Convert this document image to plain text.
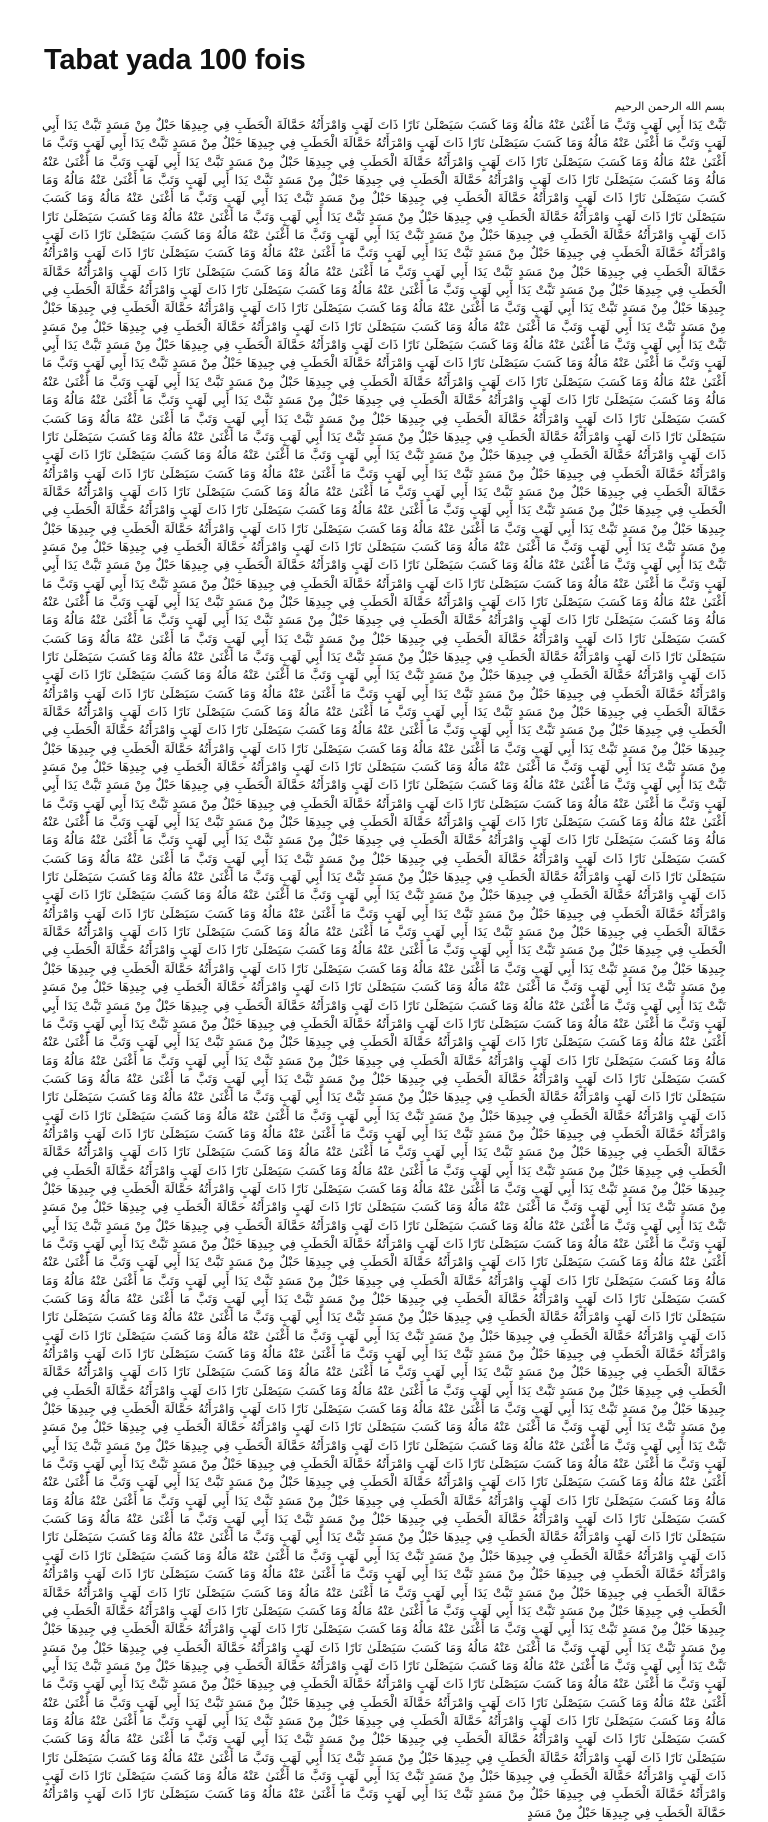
Tabat yada 100 fois
بسم الله الرحمن الرحيم
تَبَّتْ يَدَا أَبِي لَهَبٍ وَتَبَّ مَا أَغْنَىٰ عَنْهُ مَالُهُ وَمَا كَسَبَ سَيَصْلَىٰ نَارًا ذَاتَ لَهَبٍ وَامْرَأَتُهُ حَمَّالَةَ الْحَطَبِ فِي جِيدِهَا حَبْلٌ مِنْ مَسَدٍ تَبَّتْ يَدَا أَبِي لَهَبٍ وَتَبَّ مَا أَغْنَىٰ عَنْهُ مَالُهُ وَمَا كَسَبَ سَيَصْلَىٰ نَارًا ذَاتَ لَهَبٍ وَامْرَأَتُهُ حَمَّالَةَ الْحَطَبِ فِي جِيدِهَا حَبْلٌ مِنْ مَسَدٍ تَبَّتْ يَدَا أَبِي لَهَبٍ وَتَبَّ مَا أَغْنَىٰ عَنْهُ مَالُهُ وَمَا كَسَبَ سَيَصْلَىٰ نَارًا ذَاتَ لَهَبٍ وَامْرَأَتُهُ حَمَّالَةَ الْحَطَبِ فِي جِيدِهَا حَبْلٌ مِنْ مَسَدٍ تَبَّتْ يَدَا أَبِي لَهَبٍ وَتَبَّ مَا أَغْنَىٰ عَنْهُ مَالُهُ وَمَا كَسَبَ سَيَصْلَىٰ نَارًا ذَاتَ لَهَبٍ وَامْرَأَتُهُ حَمَّالَةَ الْحَطَبِ فِي جِيدِهَا حَبْلٌ مِنْ مَسَدٍ تَبَّتْ يَدَا أَبِي لَهَبٍ وَتَبَّ مَا أَغْنَىٰ عَنْهُ مَالُهُ وَمَا كَسَبَ سَيَصْلَىٰ نَارًا ذَاتَ لَهَبٍ وَامْرَأَتُهُ حَمَّالَةَ الْحَطَبِ فِي جِيدِهَا حَبْلٌ مِنْ مَسَدٍ تَبَّتْ يَدَا أَبِي لَهَبٍ وَتَبَّ مَا أَغْنَىٰ عَنْهُ مَالُهُ وَمَا كَسَبَ سَيَصْلَىٰ نَارًا ذَاتَ لَهَبٍ وَامْرَأَتُهُ حَمَّالَةَ الْحَطَبِ فِي جِيدِهَا حَبْلٌ مِنْ مَسَدٍ تَبَّتْ يَدَا أَبِي لَهَبٍ وَتَبَّ مَا أَغْنَىٰ عَنْهُ مَالُهُ وَمَا كَسَبَ سَيَصْلَىٰ نَارًا ذَاتَ لَهَبٍ وَامْرَأَتُهُ حَمَّالَةَ الْحَطَبِ فِي جِيدِهَا حَبْلٌ مِنْ مَسَدٍ تَبَّتْ يَدَا أَبِي لَهَبٍ وَتَبَّ مَا أَغْنَىٰ عَنْهُ مَالُهُ وَمَا كَسَبَ سَيَصْلَىٰ نَارًا ذَاتَ لَهَبٍ وَامْرَأَتُهُ حَمَّالَةَ الْحَطَبِ فِي جِيدِهَا حَبْلٌ مِنْ مَسَدٍ تَبَّتْ يَدَا أَبِي لَهَبٍ وَتَبَّ مَا أَغْنَىٰ عَنْهُ مَالُهُ وَمَا كَسَبَ سَيَصْلَىٰ نَارًا ذَاتَ لَهَبٍ وَامْرَأَتُهُ حَمَّالَةَ الْحَطَبِ فِي جِيدِهَا حَبْلٌ مِنْ مَسَدٍ تَبَّتْ يَدَا أَبِي لَهَبٍ وَتَبَّ مَا أَغْنَىٰ عَنْهُ مَالُهُ وَمَا كَسَبَ سَيَصْلَىٰ نَارًا ذَاتَ لَهَبٍ وَامْرَأَتُهُ حَمَّالَةَ الْحَطَبِ فِي جِيدِهَا حَبْلٌ مِنْ مَسَدٍ تَبَّتْ يَدَا أَبِي لَهَبٍ وَتَبَّ مَا أَغْنَىٰ عَنْهُ مَالُهُ وَمَا كَسَبَ سَيَصْلَىٰ نَارًا ذَاتَ لَهَبٍ وَامْرَأَتُهُ حَمَّالَةَ الْحَطَبِ فِي جِيدِهَا حَبْلٌ مِنْ مَسَدٍ تَبَّتْ يَدَا أَبِي لَهَبٍ وَتَبَّ مَا أَغْنَىٰ عَنْهُ مَالُهُ وَمَا كَسَبَ سَيَصْلَىٰ نَارًا ذَاتَ لَهَبٍ وَامْرَأَتُهُ حَمَّالَةَ الْحَطَبِ فِي جِيدِهَا حَبْلٌ مِنْ مَسَدٍ تَبَّتْ يَدَا أَبِي لَهَبٍ وَتَبَّ مَا أَغْنَىٰ عَنْهُ مَالُهُ وَمَا كَسَبَ سَيَصْلَىٰ نَارًا ذَاتَ لَهَبٍ وَامْرَأَتُهُ حَمَّالَةَ الْحَطَبِ فِي جِيدِهَا حَبْلٌ مِنْ مَسَدٍ تَبَّتْ يَدَا أَبِي لَهَبٍ وَتَبَّ مَا أَغْنَىٰ عَنْهُ مَالُهُ وَمَا كَسَبَ سَيَصْلَىٰ نَارًا ذَاتَ لَهَبٍ وَامْرَأَتُهُ حَمَّالَةَ الْحَطَبِ فِي جِيدِهَا حَبْلٌ مِنْ مَسَدٍ تَبَّتْ يَدَا أَبِي لَهَبٍ وَتَبَّ مَا أَغْنَىٰ عَنْهُ مَالُهُ وَمَا كَسَبَ سَيَصْلَىٰ نَارًا ذَاتَ لَهَبٍ وَامْرَأَتُهُ حَمَّالَةَ الْحَطَبِ فِي جِيدِهَا حَبْلٌ مِنْ مَسَدٍ تَبَّتْ يَدَا أَبِي لَهَبٍ وَتَبَّ مَا أَغْنَىٰ عَنْهُ مَالُهُ وَمَا كَسَبَ سَيَصْلَىٰ نَارًا ذَاتَ لَهَبٍ وَامْرَأَتُهُ حَمَّالَةَ الْحَطَبِ فِي جِيدِهَا حَبْلٌ مِنْ مَسَدٍ تَبَّتْ يَدَا أَبِي لَهَبٍ وَتَبَّ مَا أَغْنَىٰ عَنْهُ مَالُهُ وَمَا كَسَبَ سَيَصْلَىٰ نَارًا ذَاتَ لَهَبٍ وَامْرَأَتُهُ حَمَّالَةَ الْحَطَبِ فِي جِيدِهَا حَبْلٌ مِنْ مَسَدٍ تَبَّتْ يَدَا أَبِي لَهَبٍ وَتَبَّ مَا أَغْنَىٰ عَنْهُ مَالُهُ وَمَا كَسَبَ سَيَصْلَىٰ نَارًا ذَاتَ لَهَبٍ وَامْرَأَتُهُ حَمَّالَةَ الْحَطَبِ فِي جِيدِهَا حَبْلٌ مِنْ مَسَدٍ تَبَّتْ يَدَا أَبِي لَهَبٍ وَتَبَّ مَا أَغْنَىٰ عَنْهُ مَالُهُ وَمَا كَسَبَ سَيَصْلَىٰ نَارًا ذَاتَ لَهَبٍ وَامْرَأَتُهُ حَمَّالَةَ الْحَطَبِ فِي جِيدِهَا حَبْلٌ مِنْ مَسَدٍ تَبَّتْ يَدَا أَبِي لَهَبٍ وَتَبَّ مَا أَغْنَىٰ عَنْهُ مَالُهُ وَمَا كَسَبَ سَيَصْلَىٰ نَارًا ذَاتَ لَهَبٍ وَامْرَأَتُهُ حَمَّالَةَ الْحَطَبِ فِي جِيدِهَا حَبْلٌ مِنْ مَسَدٍ تَبَّتْ يَدَا أَبِي لَهَبٍ وَتَبَّ مَا أَغْنَىٰ عَنْهُ مَالُهُ وَمَا كَسَبَ سَيَصْلَىٰ نَارًا ذَاتَ لَهَبٍ وَامْرَأَتُهُ حَمَّالَةَ الْحَطَبِ فِي جِيدِهَا حَبْلٌ مِنْ مَسَدٍ تَبَّتْ يَدَا أَبِي لَهَبٍ وَتَبَّ مَا أَغْنَىٰ عَنْهُ مَالُهُ وَمَا كَسَبَ سَيَصْلَىٰ نَارًا ذَاتَ لَهَبٍ وَامْرَأَتُهُ حَمَّالَةَ الْحَطَبِ فِي جِيدِهَا حَبْلٌ مِنْ مَسَدٍ تَبَّتْ يَدَا أَبِي لَهَبٍ وَتَبَّ مَا أَغْنَىٰ عَنْهُ مَالُهُ وَمَا كَسَبَ سَيَصْلَىٰ نَارًا ذَاتَ لَهَبٍ وَامْرَأَتُهُ حَمَّالَةَ الْحَطَبِ فِي جِيدِهَا حَبْلٌ مِنْ مَسَدٍ تَبَّتْ يَدَا أَبِي لَهَبٍ وَتَبَّ مَا أَغْنَىٰ عَنْهُ مَالُهُ وَمَا كَسَبَ سَيَصْلَىٰ نَارًا ذَاتَ لَهَبٍ وَامْرَأَتُهُ حَمَّالَةَ الْحَطَبِ فِي جِيدِهَا حَبْلٌ مِنْ مَسَدٍ تَبَّتْ يَدَا أَبِي لَهَبٍ وَتَبَّ مَا أَغْنَىٰ عَنْهُ مَالُهُ وَمَا كَسَبَ سَيَصْلَىٰ نَارًا ذَاتَ لَهَبٍ وَامْرَأَتُهُ حَمَّالَةَ الْحَطَبِ فِي جِيدِهَا حَبْلٌ مِنْ مَسَدٍ تَبَّتْ يَدَا أَبِي لَهَبٍ وَتَبَّ مَا أَغْنَىٰ عَنْهُ مَالُهُ وَمَا كَسَبَ سَيَصْلَىٰ نَارًا ذَاتَ لَهَبٍ وَامْرَأَتُهُ حَمَّالَةَ الْحَطَبِ فِي جِيدِهَا حَبْلٌ مِنْ مَسَدٍ تَبَّتْ يَدَا أَبِي لَهَبٍ وَتَبَّ مَا أَغْنَىٰ عَنْهُ مَالُهُ وَمَا كَسَبَ سَيَصْلَىٰ نَارًا ذَاتَ لَهَبٍ وَامْرَأَتُهُ حَمَّالَةَ الْحَطَبِ فِي جِيدِهَا حَبْلٌ مِنْ مَسَدٍ تَبَّتْ يَدَا أَبِي لَهَبٍ وَتَبَّ مَا أَغْنَىٰ عَنْهُ مَالُهُ وَمَا كَسَبَ سَيَصْلَىٰ نَارًا ذَاتَ لَهَبٍ وَامْرَأَتُهُ حَمَّالَةَ الْحَطَبِ فِي جِيدِهَا حَبْلٌ مِنْ مَسَدٍ تَبَّتْ يَدَا أَبِي لَهَبٍ وَتَبَّ مَا أَغْنَىٰ عَنْهُ مَالُهُ وَمَا كَسَبَ سَيَصْلَىٰ نَارًا ذَاتَ لَهَبٍ وَامْرَأَتُهُ حَمَّالَةَ الْحَطَبِ فِي جِيدِهَا حَبْلٌ مِنْ مَسَدٍ تَبَّتْ يَدَا أَبِي لَهَبٍ وَتَبَّ مَا أَغْنَىٰ عَنْهُ مَالُهُ وَمَا كَسَبَ سَيَصْلَىٰ نَارًا ذَاتَ لَهَبٍ وَامْرَأَتُهُ حَمَّالَةَ الْحَطَبِ فِي جِيدِهَا حَبْلٌ مِنْ مَسَدٍ تَبَّتْ يَدَا أَبِي لَهَبٍ وَتَبَّ مَا أَغْنَىٰ عَنْهُ مَالُهُ وَمَا كَسَبَ سَيَصْلَىٰ نَارًا ذَاتَ لَهَبٍ وَامْرَأَتُهُ حَمَّالَةَ الْحَطَبِ فِي جِيدِهَا حَبْلٌ مِنْ مَسَدٍ تَبَّتْ يَدَا أَبِي لَهَبٍ وَتَبَّ مَا أَغْنَىٰ عَنْهُ مَالُهُ وَمَا كَسَبَ سَيَصْلَىٰ نَارًا ذَاتَ لَهَبٍ وَامْرَأَتُهُ حَمَّالَةَ الْحَطَبِ فِي جِيدِهَا حَبْلٌ مِنْ مَسَدٍ تَبَّتْ يَدَا أَبِي لَهَبٍ وَتَبَّ مَا أَغْنَىٰ عَنْهُ مَالُهُ وَمَا كَسَبَ سَيَصْلَىٰ نَارًا ذَاتَ لَهَبٍ وَامْرَأَتُهُ حَمَّالَةَ الْحَطَبِ فِي جِيدِهَا حَبْلٌ مِنْ مَسَدٍ تَبَّتْ يَدَا أَبِي لَهَبٍ وَتَبَّ مَا أَغْنَىٰ عَنْهُ مَالُهُ وَمَا كَسَبَ سَيَصْلَىٰ نَارًا ذَاتَ لَهَبٍ وَامْرَأَتُهُ حَمَّالَةَ الْحَطَبِ فِي جِيدِهَا حَبْلٌ مِنْ مَسَدٍ تَبَّتْ يَدَا أَبِي لَهَبٍ وَتَبَّ مَا أَغْنَىٰ عَنْهُ مَالُهُ وَمَا كَسَبَ سَيَصْلَىٰ نَارًا ذَاتَ لَهَبٍ وَامْرَأَتُهُ حَمَّالَةَ الْحَطَبِ فِي جِيدِهَا حَبْلٌ مِنْ مَسَدٍ تَبَّتْ يَدَا أَبِي لَهَبٍ وَتَبَّ مَا أَغْنَىٰ عَنْهُ مَالُهُ وَمَا كَسَبَ سَيَصْلَىٰ نَارًا ذَاتَ لَهَبٍ وَامْرَأَتُهُ حَمَّالَةَ الْحَطَبِ فِي جِيدِهَا حَبْلٌ مِنْ مَسَدٍ تَبَّتْ يَدَا أَبِي لَهَبٍ وَتَبَّ مَا أَغْنَىٰ عَنْهُ مَالُهُ وَمَا كَسَبَ سَيَصْلَىٰ نَارًا ذَاتَ لَهَبٍ وَامْرَأَتُهُ حَمَّالَةَ الْحَطَبِ فِي جِيدِهَا حَبْلٌ مِنْ مَسَدٍ تَبَّتْ يَدَا أَبِي لَهَبٍ وَتَبَّ مَا أَغْنَىٰ عَنْهُ مَالُهُ وَمَا كَسَبَ سَيَصْلَىٰ نَارًا ذَاتَ لَهَبٍ وَامْرَأَتُهُ حَمَّالَةَ الْحَطَبِ فِي جِيدِهَا حَبْلٌ مِنْ مَسَدٍ تَبَّتْ يَدَا أَبِي لَهَبٍ وَتَبَّ مَا أَغْنَىٰ عَنْهُ مَالُهُ وَمَا كَسَبَ سَيَصْلَىٰ نَارًا ذَاتَ لَهَبٍ وَامْرَأَتُهُ حَمَّالَةَ الْحَطَبِ فِي جِيدِهَا حَبْلٌ مِنْ مَسَدٍ تَبَّتْ يَدَا أَبِي لَهَبٍ وَتَبَّ مَا أَغْنَىٰ عَنْهُ مَالُهُ وَمَا كَسَبَ سَيَصْلَىٰ نَارًا ذَاتَ لَهَبٍ وَامْرَأَتُهُ حَمَّالَةَ الْحَطَبِ فِي جِيدِهَا حَبْلٌ مِنْ مَسَدٍ تَبَّتْ يَدَا أَبِي لَهَبٍ وَتَبَّ مَا أَغْنَىٰ عَنْهُ مَالُهُ وَمَا كَسَبَ سَيَصْلَىٰ نَارًا ذَاتَ لَهَبٍ وَامْرَأَتُهُ حَمَّالَةَ الْحَطَبِ فِي جِيدِهَا حَبْلٌ مِنْ مَسَدٍ تَبَّتْ يَدَا أَبِي لَهَبٍ وَتَبَّ مَا أَغْنَىٰ عَنْهُ مَالُهُ وَمَا كَسَبَ سَيَصْلَىٰ نَارًا ذَاتَ لَهَبٍ وَامْرَأَتُهُ حَمَّالَةَ الْحَطَبِ فِي جِيدِهَا حَبْلٌ مِنْ مَسَدٍ تَبَّتْ يَدَا أَبِي لَهَبٍ وَتَبَّ مَا أَغْنَىٰ عَنْهُ مَالُهُ وَمَا كَسَبَ سَيَصْلَىٰ نَارًا ذَاتَ لَهَبٍ وَامْرَأَتُهُ حَمَّالَةَ الْحَطَبِ فِي جِيدِهَا حَبْلٌ مِنْ مَسَدٍ تَبَّتْ يَدَا أَبِي لَهَبٍ وَتَبَّ مَا أَغْنَىٰ عَنْهُ مَالُهُ وَمَا كَسَبَ سَيَصْلَىٰ نَارًا ذَاتَ لَهَبٍ وَامْرَأَتُهُ حَمَّالَةَ الْحَطَبِ فِي جِيدِهَا حَبْلٌ مِنْ مَسَدٍ تَبَّتْ يَدَا أَبِي لَهَبٍ وَتَبَّ مَا أَغْنَىٰ عَنْهُ مَالُهُ وَمَا كَسَبَ سَيَصْلَىٰ نَارًا ذَاتَ لَهَبٍ وَامْرَأَتُهُ حَمَّالَةَ الْحَطَبِ فِي جِيدِهَا حَبْلٌ مِنْ مَسَدٍ تَبَّتْ يَدَا أَبِي لَهَبٍ وَتَبَّ مَا أَغْنَىٰ عَنْهُ مَالُهُ وَمَا كَسَبَ سَيَصْلَىٰ نَارًا ذَاتَ لَهَبٍ وَامْرَأَتُهُ حَمَّالَةَ الْحَطَبِ فِي جِيدِهَا حَبْلٌ مِنْ مَسَدٍ تَبَّتْ يَدَا أَبِي لَهَبٍ وَتَبَّ مَا أَغْنَىٰ عَنْهُ مَالُهُ وَمَا كَسَبَ سَيَصْلَىٰ نَارًا ذَاتَ لَهَبٍ وَامْرَأَتُهُ حَمَّالَةَ الْحَطَبِ فِي جِيدِهَا حَبْلٌ مِنْ مَسَدٍ تَبَّتْ يَدَا أَبِي لَهَبٍ وَتَبَّ مَا أَغْنَىٰ عَنْهُ مَالُهُ وَمَا كَسَبَ سَيَصْلَىٰ نَارًا ذَاتَ لَهَبٍ وَامْرَأَتُهُ حَمَّالَةَ الْحَطَبِ فِي جِيدِهَا حَبْلٌ مِنْ مَسَدٍ تَبَّتْ يَدَا أَبِي لَهَبٍ وَتَبَّ مَا أَغْنَىٰ عَنْهُ مَالُهُ وَمَا كَسَبَ سَيَصْلَىٰ نَارًا ذَاتَ لَهَبٍ وَامْرَأَتُهُ حَمَّالَةَ الْحَطَبِ فِي جِيدِهَا حَبْلٌ مِنْ مَسَدٍ تَبَّتْ يَدَا أَبِي لَهَبٍ وَتَبَّ مَا أَغْنَىٰ عَنْهُ مَالُهُ وَمَا كَسَبَ سَيَصْلَىٰ نَارًا ذَاتَ لَهَبٍ وَامْرَأَتُهُ حَمَّالَةَ الْحَطَبِ فِي جِيدِهَا حَبْلٌ مِنْ مَسَدٍ تَبَّتْ يَدَا أَبِي لَهَبٍ وَتَبَّ مَا أَغْنَىٰ عَنْهُ مَالُهُ وَمَا كَسَبَ سَيَصْلَىٰ نَارًا ذَاتَ لَهَبٍ وَامْرَأَتُهُ حَمَّالَةَ الْحَطَبِ فِي جِيدِهَا حَبْلٌ مِنْ مَسَدٍ تَبَّتْ يَدَا أَبِي لَهَبٍ وَتَبَّ مَا أَغْنَىٰ عَنْهُ مَالُهُ وَمَا كَسَبَ سَيَصْلَىٰ نَارًا ذَاتَ لَهَبٍ وَامْرَأَتُهُ حَمَّالَةَ الْحَطَبِ فِي جِيدِهَا حَبْلٌ مِنْ مَسَدٍ تَبَّتْ يَدَا أَبِي لَهَبٍ وَتَبَّ مَا أَغْنَىٰ عَنْهُ مَالُهُ وَمَا كَسَبَ سَيَصْلَىٰ نَارًا ذَاتَ لَهَبٍ وَامْرَأَتُهُ حَمَّالَةَ الْحَطَبِ فِي جِيدِهَا حَبْلٌ مِنْ مَسَدٍ تَبَّتْ يَدَا أَبِي لَهَبٍ وَتَبَّ مَا أَغْنَىٰ عَنْهُ مَالُهُ وَمَا كَسَبَ سَيَصْلَىٰ نَارًا ذَاتَ لَهَبٍ وَامْرَأَتُهُ حَمَّالَةَ الْحَطَبِ فِي جِيدِهَا حَبْلٌ مِنْ مَسَدٍ تَبَّتْ يَدَا أَبِي لَهَبٍ وَتَبَّ مَا أَغْنَىٰ عَنْهُ مَالُهُ وَمَا كَسَبَ سَيَصْلَىٰ نَارًا ذَاتَ لَهَبٍ وَامْرَأَتُهُ حَمَّالَةَ الْحَطَبِ فِي جِيدِهَا حَبْلٌ مِنْ مَسَدٍ تَبَّتْ يَدَا أَبِي لَهَبٍ وَتَبَّ مَا أَغْنَىٰ عَنْهُ مَالُهُ وَمَا كَسَبَ سَيَصْلَىٰ نَارًا ذَاتَ لَهَبٍ وَامْرَأَتُهُ حَمَّالَةَ الْحَطَبِ فِي جِيدِهَا حَبْلٌ مِنْ مَسَدٍ تَبَّتْ يَدَا أَبِي لَهَبٍ وَتَبَّ مَا أَغْنَىٰ عَنْهُ مَالُهُ وَمَا كَسَبَ سَيَصْلَىٰ نَارًا ذَاتَ لَهَبٍ وَامْرَأَتُهُ حَمَّالَةَ الْحَطَبِ فِي جِيدِهَا حَبْلٌ مِنْ مَسَدٍ تَبَّتْ يَدَا أَبِي لَهَبٍ وَتَبَّ مَا أَغْنَىٰ عَنْهُ مَالُهُ وَمَا كَسَبَ سَيَصْلَىٰ نَارًا ذَاتَ لَهَبٍ وَامْرَأَتُهُ حَمَّالَةَ الْحَطَبِ فِي جِيدِهَا حَبْلٌ مِنْ مَسَدٍ تَبَّتْ يَدَا أَبِي لَهَبٍ وَتَبَّ مَا أَغْنَىٰ عَنْهُ مَالُهُ وَمَا كَسَبَ سَيَصْلَىٰ نَارًا ذَاتَ لَهَبٍ وَامْرَأَتُهُ حَمَّالَةَ الْحَطَبِ فِي جِيدِهَا حَبْلٌ مِنْ مَسَدٍ تَبَّتْ يَدَا أَبِي لَهَبٍ وَتَبَّ مَا أَغْنَىٰ عَنْهُ مَالُهُ وَمَا كَسَبَ سَيَصْلَىٰ نَارًا ذَاتَ لَهَبٍ وَامْرَأَتُهُ حَمَّالَةَ الْحَطَبِ فِي جِيدِهَا حَبْلٌ مِنْ مَسَدٍ تَبَّتْ يَدَا أَبِي لَهَبٍ وَتَبَّ مَا أَغْنَىٰ عَنْهُ مَالُهُ وَمَا كَسَبَ سَيَصْلَىٰ نَارًا ذَاتَ لَهَبٍ وَامْرَأَتُهُ حَمَّالَةَ الْحَطَبِ فِي جِيدِهَا حَبْلٌ مِنْ مَسَدٍ تَبَّتْ يَدَا أَبِي لَهَبٍ وَتَبَّ مَا أَغْنَىٰ عَنْهُ مَالُهُ وَمَا كَسَبَ سَيَصْلَىٰ نَارًا ذَاتَ لَهَبٍ وَامْرَأَتُهُ حَمَّالَةَ الْحَطَبِ فِي جِيدِهَا حَبْلٌ مِنْ مَسَدٍ تَبَّتْ يَدَا أَبِي لَهَبٍ وَتَبَّ مَا أَغْنَىٰ عَنْهُ مَالُهُ وَمَا كَسَبَ سَيَصْلَىٰ نَارًا ذَاتَ لَهَبٍ وَامْرَأَتُهُ حَمَّالَةَ الْحَطَبِ فِي جِيدِهَا حَبْلٌ مِنْ مَسَدٍ تَبَّتْ يَدَا أَبِي لَهَبٍ وَتَبَّ مَا أَغْنَىٰ عَنْهُ مَالُهُ وَمَا كَسَبَ سَيَصْلَىٰ نَارًا ذَاتَ لَهَبٍ وَامْرَأَتُهُ حَمَّالَةَ الْحَطَبِ فِي جِيدِهَا حَبْلٌ مِنْ مَسَدٍ تَبَّتْ يَدَا أَبِي لَهَبٍ وَتَبَّ مَا أَغْنَىٰ عَنْهُ مَالُهُ وَمَا كَسَبَ سَيَصْلَىٰ نَارًا ذَاتَ لَهَبٍ وَامْرَأَتُهُ حَمَّالَةَ الْحَطَبِ فِي جِيدِهَا حَبْلٌ مِنْ مَسَدٍ تَبَّتْ يَدَا أَبِي لَهَبٍ وَتَبَّ مَا أَغْنَىٰ عَنْهُ مَالُهُ وَمَا كَسَبَ سَيَصْلَىٰ نَارًا ذَاتَ لَهَبٍ وَامْرَأَتُهُ حَمَّالَةَ الْحَطَبِ فِي جِيدِهَا حَبْلٌ مِنْ مَسَدٍ تَبَّتْ يَدَا أَبِي لَهَبٍ وَتَبَّ مَا أَغْنَىٰ عَنْهُ مَالُهُ وَمَا كَسَبَ سَيَصْلَىٰ نَارًا ذَاتَ لَهَبٍ وَامْرَأَتُهُ حَمَّالَةَ الْحَطَبِ فِي جِيدِهَا حَبْلٌ مِنْ مَسَدٍ تَبَّتْ يَدَا أَبِي لَهَبٍ وَتَبَّ مَا أَغْنَىٰ عَنْهُ مَالُهُ وَمَا كَسَبَ سَيَصْلَىٰ نَارًا ذَاتَ لَهَبٍ وَامْرَأَتُهُ حَمَّالَةَ الْحَطَبِ فِي جِيدِهَا حَبْلٌ مِنْ مَسَدٍ تَبَّتْ يَدَا أَبِي لَهَبٍ وَتَبَّ مَا أَغْنَىٰ عَنْهُ مَالُهُ وَمَا كَسَبَ سَيَصْلَىٰ نَارًا ذَاتَ لَهَبٍ وَامْرَأَتُهُ حَمَّالَةَ الْحَطَبِ فِي جِيدِهَا حَبْلٌ مِنْ مَسَدٍ تَبَّتْ يَدَا أَبِي لَهَبٍ وَتَبَّ مَا أَغْنَىٰ عَنْهُ مَالُهُ وَمَا كَسَبَ سَيَصْلَىٰ نَارًا ذَاتَ لَهَبٍ وَامْرَأَتُهُ حَمَّالَةَ الْحَطَبِ فِي جِيدِهَا حَبْلٌ مِنْ مَسَدٍ تَبَّتْ يَدَا أَبِي لَهَبٍ وَتَبَّ مَا أَغْنَىٰ عَنْهُ مَالُهُ وَمَا كَسَبَ سَيَصْلَىٰ نَارًا ذَاتَ لَهَبٍ وَامْرَأَتُهُ حَمَّالَةَ الْحَطَبِ فِي جِيدِهَا حَبْلٌ مِنْ مَسَدٍ تَبَّتْ يَدَا أَبِي لَهَبٍ وَتَبَّ مَا أَغْنَىٰ عَنْهُ مَالُهُ وَمَا كَسَبَ سَيَصْلَىٰ نَارًا ذَاتَ لَهَبٍ وَامْرَأَتُهُ حَمَّالَةَ الْحَطَبِ فِي جِيدِهَا حَبْلٌ مِنْ مَسَدٍ تَبَّتْ يَدَا أَبِي لَهَبٍ وَتَبَّ مَا أَغْنَىٰ عَنْهُ مَالُهُ وَمَا كَسَبَ سَيَصْلَىٰ نَارًا ذَاتَ لَهَبٍ وَامْرَأَتُهُ حَمَّالَةَ الْحَطَبِ فِي جِيدِهَا حَبْلٌ مِنْ مَسَدٍ تَبَّتْ يَدَا أَبِي لَهَبٍ وَتَبَّ مَا أَغْنَىٰ عَنْهُ مَالُهُ وَمَا كَسَبَ سَيَصْلَىٰ نَارًا ذَاتَ لَهَبٍ وَامْرَأَتُهُ حَمَّالَةَ الْحَطَبِ فِي جِيدِهَا حَبْلٌ مِنْ مَسَدٍ تَبَّتْ يَدَا أَبِي لَهَبٍ وَتَبَّ مَا أَغْنَىٰ عَنْهُ مَالُهُ وَمَا كَسَبَ سَيَصْلَىٰ نَارًا ذَاتَ لَهَبٍ وَامْرَأَتُهُ حَمَّالَةَ الْحَطَبِ فِي جِيدِهَا حَبْلٌ مِنْ مَسَدٍ تَبَّتْ يَدَا أَبِي لَهَبٍ وَتَبَّ مَا أَغْنَىٰ عَنْهُ مَالُهُ وَمَا كَسَبَ سَيَصْلَىٰ نَارًا ذَاتَ لَهَبٍ وَامْرَأَتُهُ حَمَّالَةَ الْحَطَبِ فِي جِيدِهَا حَبْلٌ مِنْ مَسَدٍ تَبَّتْ يَدَا أَبِي لَهَبٍ وَتَبَّ مَا أَغْنَىٰ عَنْهُ مَالُهُ وَمَا كَسَبَ سَيَصْلَىٰ نَارًا ذَاتَ لَهَبٍ وَامْرَأَتُهُ حَمَّالَةَ الْحَطَبِ فِي جِيدِهَا حَبْلٌ مِنْ مَسَدٍ تَبَّتْ يَدَا أَبِي لَهَبٍ وَتَبَّ مَا أَغْنَىٰ عَنْهُ مَالُهُ وَمَا كَسَبَ سَيَصْلَىٰ نَارًا ذَاتَ لَهَبٍ وَامْرَأَتُهُ حَمَّالَةَ الْحَطَبِ فِي جِيدِهَا حَبْلٌ مِنْ مَسَدٍ تَبَّتْ يَدَا أَبِي لَهَبٍ وَتَبَّ مَا أَغْنَىٰ عَنْهُ مَالُهُ وَمَا كَسَبَ سَيَصْلَىٰ نَارًا ذَاتَ لَهَبٍ وَامْرَأَتُهُ حَمَّالَةَ الْحَطَبِ فِي جِيدِهَا حَبْلٌ مِنْ مَسَدٍ تَبَّتْ يَدَا أَبِي لَهَبٍ وَتَبَّ مَا أَغْنَىٰ عَنْهُ مَالُهُ وَمَا كَسَبَ سَيَصْلَىٰ نَارًا ذَاتَ لَهَبٍ وَامْرَأَتُهُ حَمَّالَةَ الْحَطَبِ فِي جِيدِهَا حَبْلٌ مِنْ مَسَدٍ تَبَّتْ يَدَا أَبِي لَهَبٍ وَتَبَّ مَا أَغْنَىٰ عَنْهُ مَالُهُ وَمَا كَسَبَ سَيَصْلَىٰ نَارًا ذَاتَ لَهَبٍ وَامْرَأَتُهُ حَمَّالَةَ الْحَطَبِ فِي جِيدِهَا حَبْلٌ مِنْ مَسَدٍ تَبَّتْ يَدَا أَبِي لَهَبٍ وَتَبَّ مَا أَغْنَىٰ عَنْهُ مَالُهُ وَمَا كَسَبَ سَيَصْلَىٰ نَارًا ذَاتَ لَهَبٍ وَامْرَأَتُهُ حَمَّالَةَ الْحَطَبِ فِي جِيدِهَا حَبْلٌ مِنْ مَسَدٍ تَبَّتْ يَدَا أَبِي لَهَبٍ وَتَبَّ مَا أَغْنَىٰ عَنْهُ مَالُهُ وَمَا كَسَبَ سَيَصْلَىٰ نَارًا ذَاتَ لَهَبٍ وَامْرَأَتُهُ حَمَّالَةَ الْحَطَبِ فِي جِيدِهَا حَبْلٌ مِنْ مَسَدٍ تَبَّتْ يَدَا أَبِي لَهَبٍ وَتَبَّ مَا أَغْنَىٰ عَنْهُ مَالُهُ وَمَا كَسَبَ سَيَصْلَىٰ نَارًا ذَاتَ لَهَبٍ وَامْرَأَتُهُ حَمَّالَةَ الْحَطَبِ فِي جِيدِهَا حَبْلٌ مِنْ مَسَدٍ تَبَّتْ يَدَا أَبِي لَهَبٍ وَتَبَّ مَا أَغْنَىٰ عَنْهُ مَالُهُ وَمَا كَسَبَ سَيَصْلَىٰ نَارًا ذَاتَ لَهَبٍ وَامْرَأَتُهُ حَمَّالَةَ الْحَطَبِ فِي جِيدِهَا حَبْلٌ مِنْ مَسَدٍ تَبَّتْ يَدَا أَبِي لَهَبٍ وَتَبَّ مَا أَغْنَىٰ عَنْهُ مَالُهُ وَمَا كَسَبَ سَيَصْلَىٰ نَارًا ذَاتَ لَهَبٍ وَامْرَأَتُهُ حَمَّالَةَ الْحَطَبِ فِي جِيدِهَا حَبْلٌ مِنْ مَسَدٍ تَبَّتْ يَدَا أَبِي لَهَبٍ وَتَبَّ مَا أَغْنَىٰ عَنْهُ مَالُهُ وَمَا كَسَبَ سَيَصْلَىٰ نَارًا ذَاتَ لَهَبٍ وَامْرَأَتُهُ حَمَّالَةَ الْحَطَبِ فِي جِيدِهَا حَبْلٌ مِنْ مَسَدٍ تَبَّتْ يَدَا أَبِي لَهَبٍ وَتَبَّ مَا أَغْنَىٰ عَنْهُ مَالُهُ وَمَا كَسَبَ سَيَصْلَىٰ نَارًا ذَاتَ لَهَبٍ وَامْرَأَتُهُ حَمَّالَةَ الْحَطَبِ فِي جِيدِهَا حَبْلٌ مِنْ مَسَدٍ تَبَّتْ يَدَا أَبِي لَهَبٍ وَتَبَّ مَا أَغْنَىٰ عَنْهُ مَالُهُ وَمَا كَسَبَ سَيَصْلَىٰ نَارًا ذَاتَ لَهَبٍ وَامْرَأَتُهُ حَمَّالَةَ الْحَطَبِ فِي جِيدِهَا حَبْلٌ مِنْ مَسَدٍ تَبَّتْ يَدَا أَبِي لَهَبٍ وَتَبَّ مَا أَغْنَىٰ عَنْهُ مَالُهُ وَمَا كَسَبَ سَيَصْلَىٰ نَارًا ذَاتَ لَهَبٍ وَامْرَأَتُهُ حَمَّالَةَ الْحَطَبِ فِي جِيدِهَا حَبْلٌ مِنْ مَسَدٍ تَبَّتْ يَدَا أَبِي لَهَبٍ وَتَبَّ مَا أَغْنَىٰ عَنْهُ مَالُهُ وَمَا كَسَبَ سَيَصْلَىٰ نَارًا ذَاتَ لَهَبٍ وَامْرَأَتُهُ حَمَّالَةَ الْحَطَبِ فِي جِيدِهَا حَبْلٌ مِنْ مَسَدٍ تَبَّتْ يَدَا أَبِي لَهَبٍ وَتَبَّ مَا أَغْنَىٰ عَنْهُ مَالُهُ وَمَا كَسَبَ سَيَصْلَىٰ نَارًا ذَاتَ لَهَبٍ وَامْرَأَتُهُ حَمَّالَةَ الْحَطَبِ فِي جِيدِهَا حَبْلٌ مِنْ مَسَدٍ تَبَّتْ يَدَا أَبِي لَهَبٍ وَتَبَّ مَا أَغْنَىٰ عَنْهُ مَالُهُ وَمَا كَسَبَ سَيَصْلَىٰ نَارًا ذَاتَ لَهَبٍ وَامْرَأَتُهُ حَمَّالَةَ الْحَطَبِ فِي جِيدِهَا حَبْلٌ مِنْ مَسَدٍ تَبَّتْ يَدَا أَبِي لَهَبٍ وَتَبَّ مَا أَغْنَىٰ عَنْهُ مَالُهُ وَمَا كَسَبَ سَيَصْلَىٰ نَارًا ذَاتَ لَهَبٍ وَامْرَأَتُهُ حَمَّالَةَ الْحَطَبِ فِي جِيدِهَا حَبْلٌ مِنْ مَسَدٍ تَبَّتْ يَدَا أَبِي لَهَبٍ وَتَبَّ مَا أَغْنَىٰ عَنْهُ مَالُهُ وَمَا كَسَبَ سَيَصْلَىٰ نَارًا ذَاتَ لَهَبٍ وَامْرَأَتُهُ حَمَّالَةَ الْحَطَبِ فِي جِيدِهَا حَبْلٌ مِنْ مَسَدٍ تَبَّتْ يَدَا أَبِي لَهَبٍ وَتَبَّ مَا أَغْنَىٰ عَنْهُ مَالُهُ وَمَا كَسَبَ سَيَصْلَىٰ نَارًا ذَاتَ لَهَبٍ وَامْرَأَتُهُ حَمَّالَةَ الْحَطَبِ فِي جِيدِهَا حَبْلٌ مِنْ مَسَدٍ تَبَّتْ يَدَا أَبِي لَهَبٍ وَتَبَّ مَا أَغْنَىٰ عَنْهُ مَالُهُ وَمَا كَسَبَ سَيَصْلَىٰ نَارًا ذَاتَ لَهَبٍ وَامْرَأَتُهُ حَمَّالَةَ الْحَطَبِ فِي جِيدِهَا حَبْلٌ مِنْ مَسَدٍ تَبَّتْ يَدَا أَبِي لَهَبٍ وَتَبَّ مَا أَغْنَىٰ عَنْهُ مَالُهُ وَمَا كَسَبَ سَيَصْلَىٰ نَارًا ذَاتَ لَهَبٍ وَامْرَأَتُهُ حَمَّالَةَ الْحَطَبِ فِي جِيدِهَا حَبْلٌ مِنْ مَسَدٍ تَبَّتْ يَدَا أَبِي لَهَبٍ وَتَبَّ مَا أَغْنَىٰ عَنْهُ مَالُهُ وَمَا كَسَبَ سَيَصْلَىٰ نَارًا ذَاتَ لَهَبٍ وَامْرَأَتُهُ حَمَّالَةَ الْحَطَبِ فِي جِيدِهَا حَبْلٌ مِنْ مَسَدٍ تَبَّتْ يَدَا أَبِي لَهَبٍ وَتَبَّ مَا أَغْنَىٰ عَنْهُ مَالُهُ وَمَا كَسَبَ سَيَصْلَىٰ نَارًا ذَاتَ لَهَبٍ وَامْرَأَتُهُ حَمَّالَةَ الْحَطَبِ فِي جِيدِهَا حَبْلٌ مِنْ مَسَدٍ
